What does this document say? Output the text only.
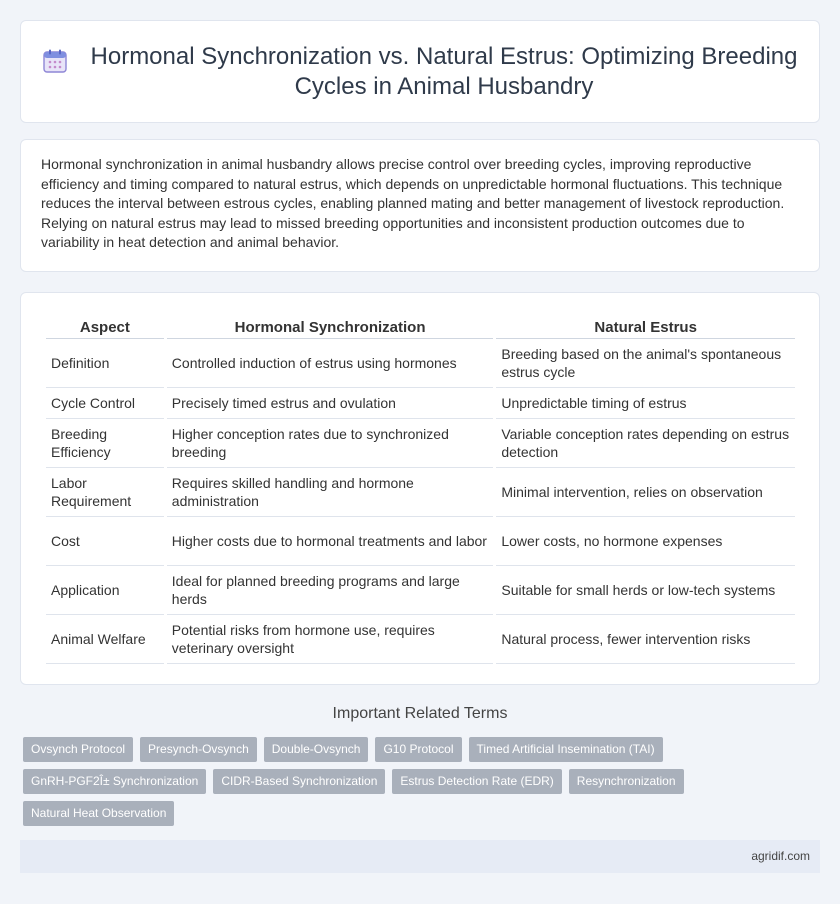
Hormonal Synchronization vs. Natural Estrus: Optimizing Breeding Cycles in Animal Husbandry

Hormonal synchronization in animal husbandry allows precise control over breeding cycles, improving reproductive efficiency and timing compared to natural estrus, which depends on unpredictable hormonal fluctuations. This technique reduces the interval between estrous cycles, enabling planned mating and better management of livestock reproduction. Relying on natural estrus may lead to missed breeding opportunities and inconsistent production outcomes due to variability in heat detection and animal behavior.

Aspect	Hormonal Synchronization	Natural Estrus
Definition	Controlled induction of estrus using hormones	Breeding based on the animal's spontaneous estrus cycle
Cycle Control	Precisely timed estrus and ovulation	Unpredictable timing of estrus
Breeding Efficiency	Higher conception rates due to synchronized breeding	Variable conception rates depending on estrus detection
Labor Requirement	Requires skilled handling and hormone administration	Minimal intervention, relies on observation
Cost	Higher costs due to hormonal treatments and labor	Lower costs, no hormone expenses
Application	Ideal for planned breeding programs and large herds	Suitable for small herds or low-tech systems
Animal Welfare	Potential risks from hormone use, requires veterinary oversight	Natural process, fewer intervention risks
Important Related Terms
Ovsynch Protocol	Presynch-Ovsynch	Double-Ovsynch	G10 Protocol	Timed Artificial Insemination (TAI)
GnRH-PGF2Î± Synchronization	CIDR-Based Synchronization	Estrus Detection Rate (EDR)	Resynchronization
Natural Heat Observation
agridif.com
